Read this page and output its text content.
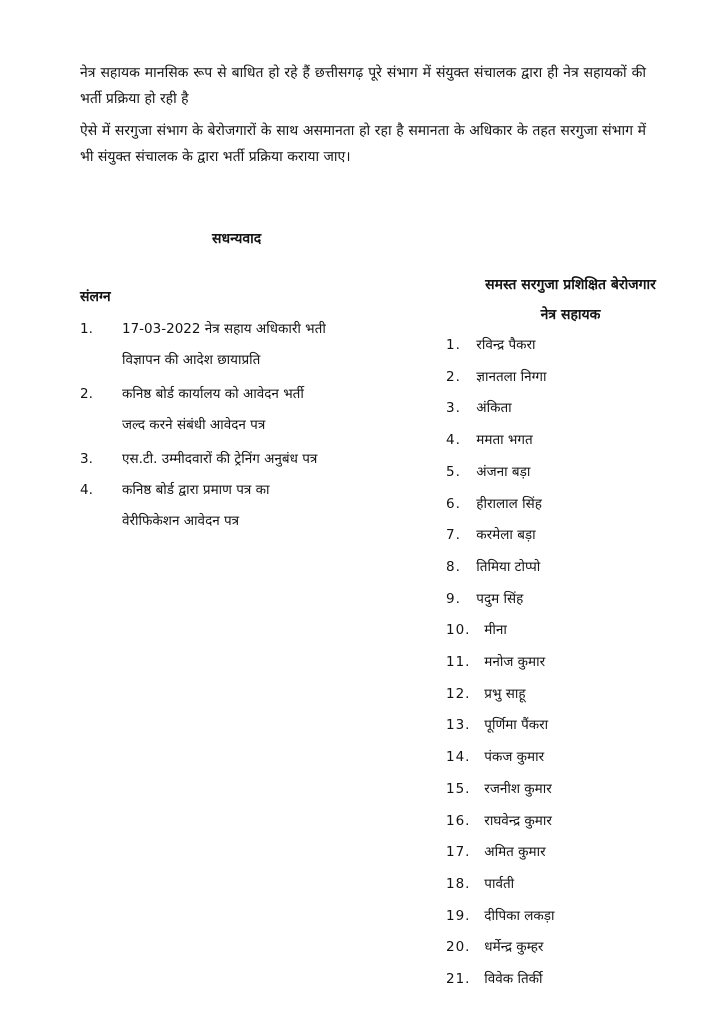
नेत्र सहायक मानसिक रूप से बाधित हो रहे हैं छत्तीसगढ़ पूरे संभाग में संयुक्त संचालक द्वारा ही नेत्र सहायकों की भर्ती प्रक्रिया हो रही है

ऐसे में सरगुजा संभाग के बेरोजगारों के साथ असमानता हो रहा है समानता के अधिकार के तहत सरगुजा संभाग में भी संयुक्त संचालक के द्वारा भर्ती प्रक्रिया कराया जाए।

सधन्यवाद

संलग्न

1.	17-03-2022 नेत्र सहाय अधिकारी भती
विज्ञापन की आदेश छायाप्रति
2.	कनिष्ठ बोर्ड कार्यालय को आवेदन भर्ती
जल्द करने संबंधी आवेदन पत्र
3.	एस.टी. उम्मीदवारों की ट्रेनिंग अनुबंध पत्र
4.	कनिष्ठ बोर्ड द्वारा प्रमाण पत्र का
वेरीफिकेशन आवेदन पत्र

समस्त सरगुजा प्रशिक्षित बेरोजगार
नेत्र सहायक

1. रविन्द्र पैकरा
2. ज्ञानतला निग्गा
3. अंकिता
4. ममता भगत
5. अंजना बड़ा
6. हीरालाल सिंह
7. करमेला बड़ा
8. तिमिया टोप्पो
9. पदुम सिंह
10. मीना
11. मनोज कुमार
12. प्रभु साहू
13. पूर्णिमा पैंकरा
14. पंकज कुमार
15. रजनीश कुमार
16. राघवेन्द्र कुमार
17. अमित कुमार
18. पार्वती
19. दीपिका लकड़ा
20. धर्मेन्द्र कुम्हर
21. विवेक तिर्की
